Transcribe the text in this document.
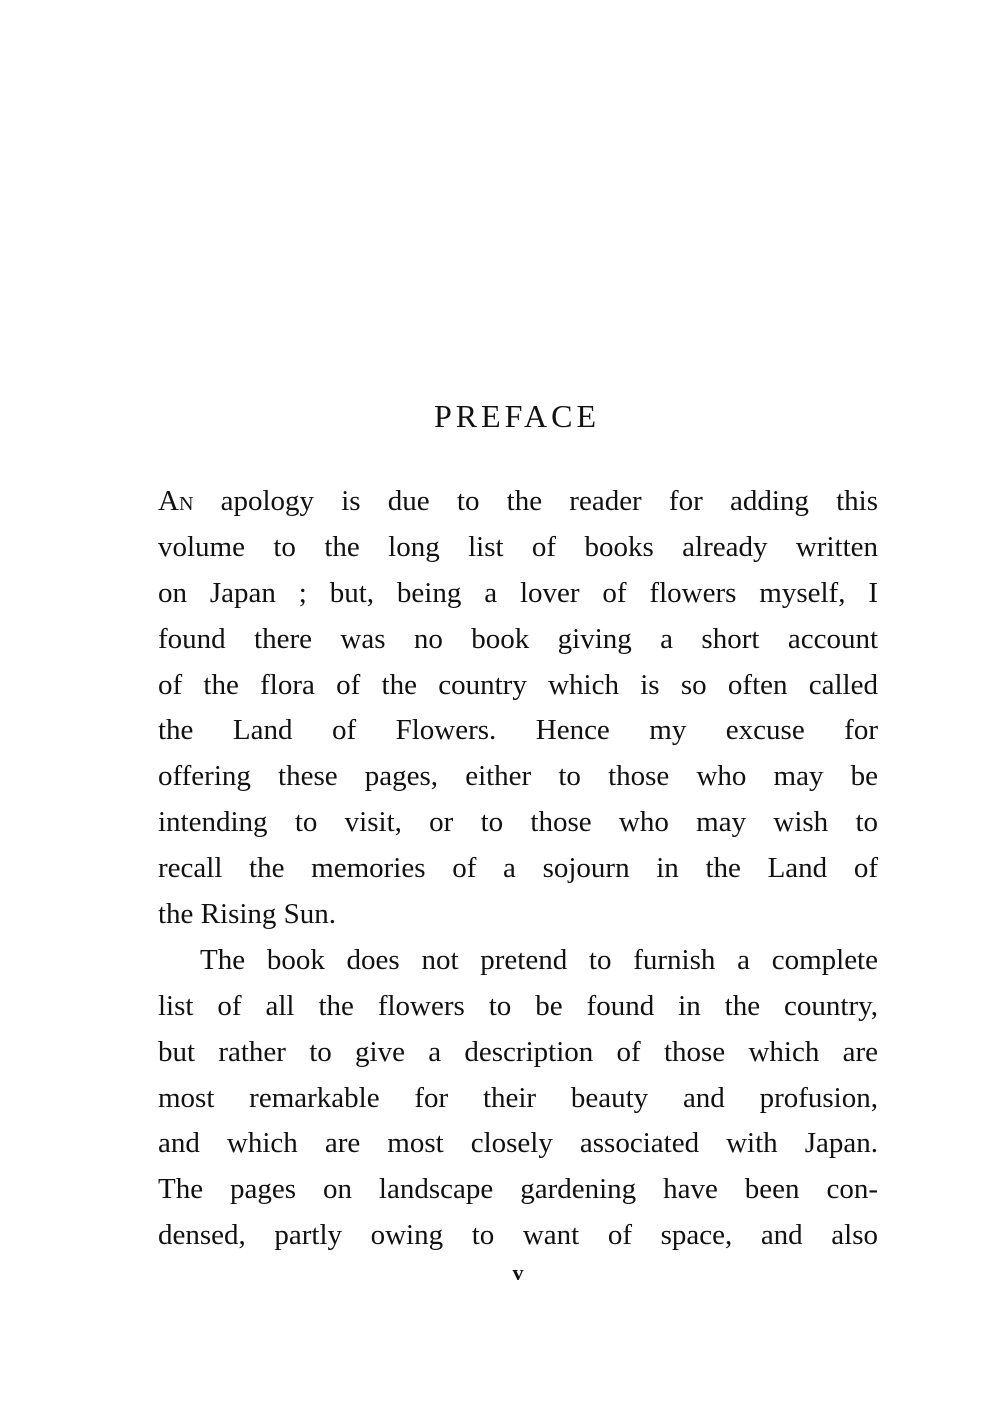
PREFACE
An apology is due to the reader for adding this
volume to the long list of books already written
on Japan ; but, being a lover of flowers myself, I
found there was no book giving a short account
of the flora of the country which is so often called
the Land of Flowers. Hence my excuse for
offering these pages, either to those who may be
intending to visit, or to those who may wish to
recall the memories of a sojourn in the Land of
the Rising Sun.
The book does not pretend to furnish a complete
list of all the flowers to be found in the country,
but rather to give a description of those which are
most remarkable for their beauty and profusion,
and which are most closely associated with Japan.
The pages on landscape gardening have been con-
densed, partly owing to want of space, and also
v
